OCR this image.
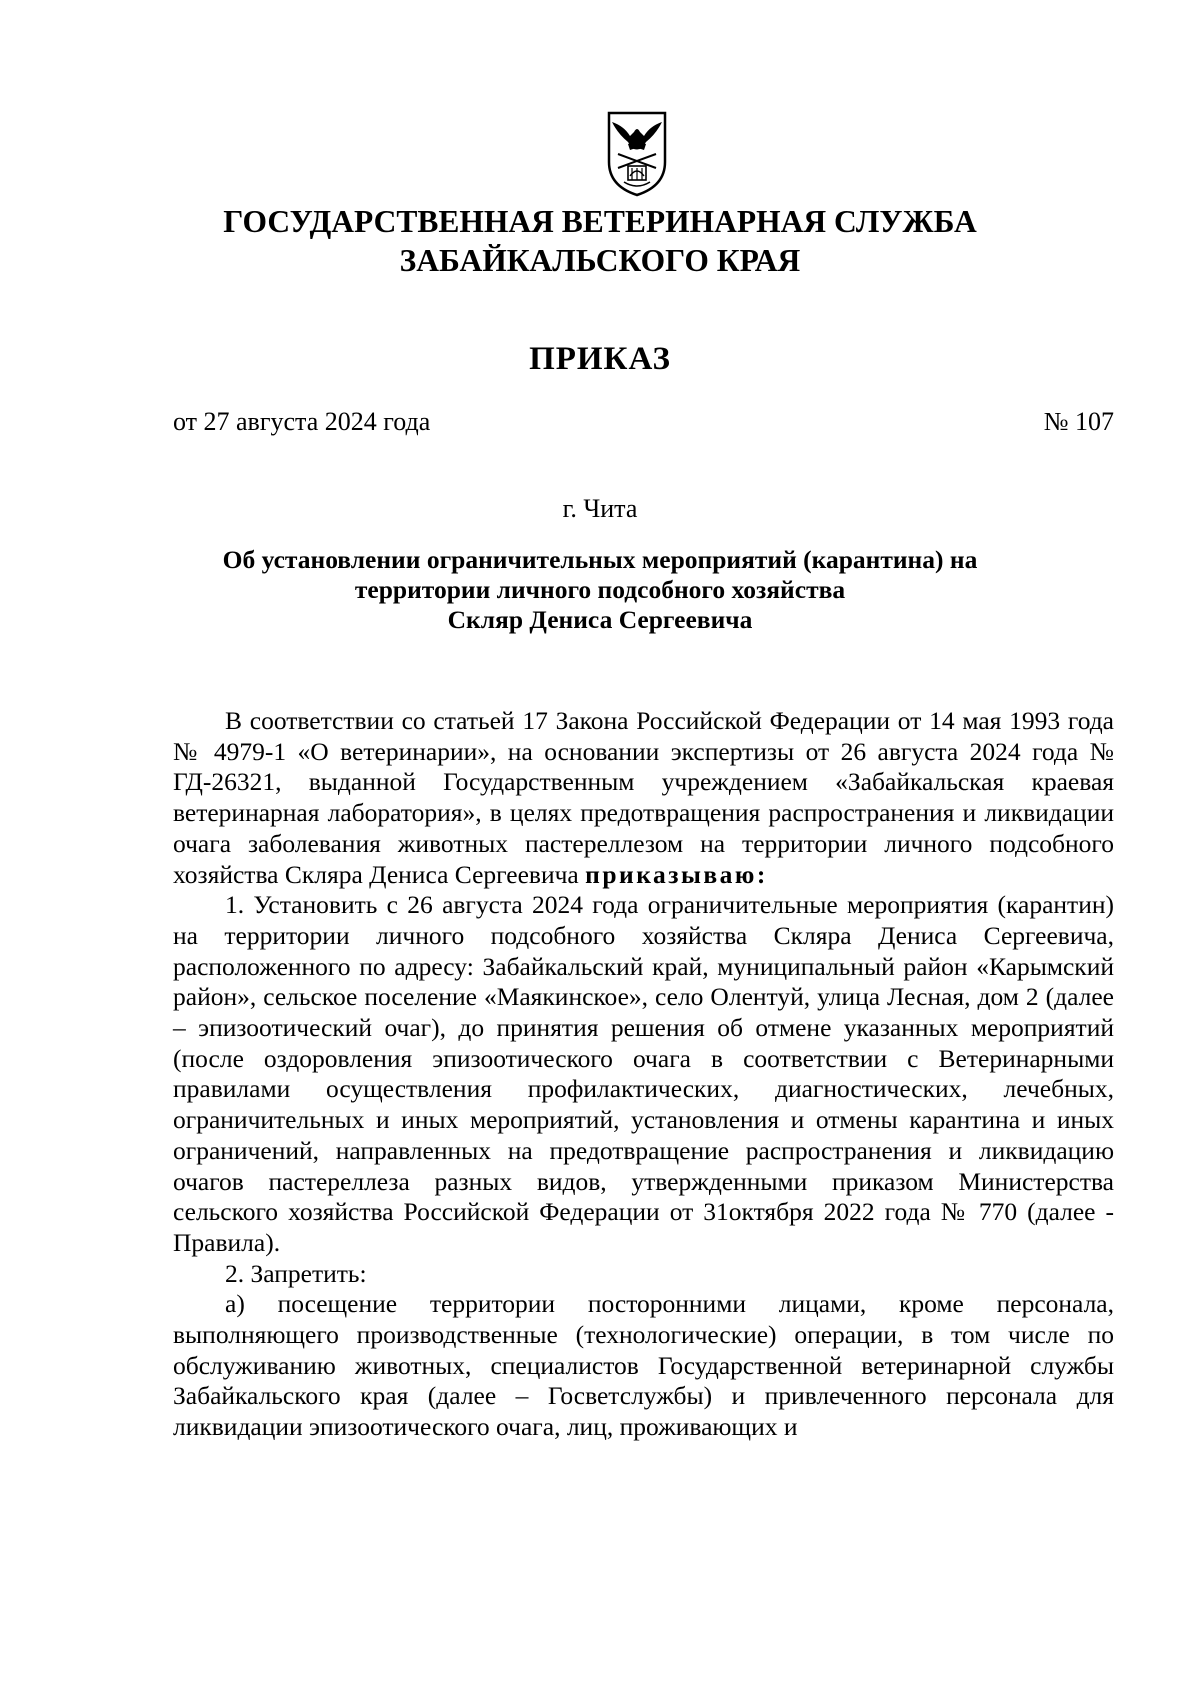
ГОСУДАРСТВЕННАЯ ВЕТЕРИНАРНАЯ СЛУЖБА
ЗАБАЙКАЛЬСКОГО КРАЯ
ПРИКАЗ
от 27 августа 2024 года	№ 107
г. Чита
Об установлении ограничительных мероприятий (карантина) на
территории личного подсобного хозяйства
Скляр Дениса Сергеевича

В соответствии со статьей 17 Закона Российской Федерации от 14 мая 1993 года № 4979-1 «О ветеринарии», на основании экспертизы от 26 августа 2024 года № ГД-26321, выданной Государственным учреждением «Забайкальская краевая ветеринарная лаборатория», в целях предотвращения распространения и ликвидации очага заболевания животных пастереллезом на территории личного подсобного хозяйства Скляра Дениса Сергеевича приказываю:

1. Установить с 26 августа 2024 года ограничительные мероприятия (карантин) на территории личного подсобного хозяйства Скляра Дениса Сергеевича, расположенного по адресу: Забайкальский край, муниципальный район «Карымский район», сельское поселение «Маякинское», село Олентуй, улица Лесная, дом 2 (далее – эпизоотический очаг), до принятия решения об отмене указанных мероприятий (после оздоровления эпизоотического очага в соответствии с Ветеринарными правилами осуществления профилактических, диагностических, лечебных, ограничительных и иных мероприятий, установления и отмены карантина и иных ограничений, направленных на предотвращение распространения и ликвидацию очагов пастереллеза разных видов, утвержденными приказом Министерства сельского хозяйства Российской Федерации от 31октября 2022 года № 770 (далее - Правила).

2. Запретить:

а) посещение территории посторонними лицами, кроме персонала, выполняющего производственные (технологические) операции, в том числе по обслуживанию животных, специалистов Государственной ветеринарной службы Забайкальского края (далее – Госветслужбы) и привлеченного персонала для ликвидации эпизоотического очага, лиц, проживающих и
